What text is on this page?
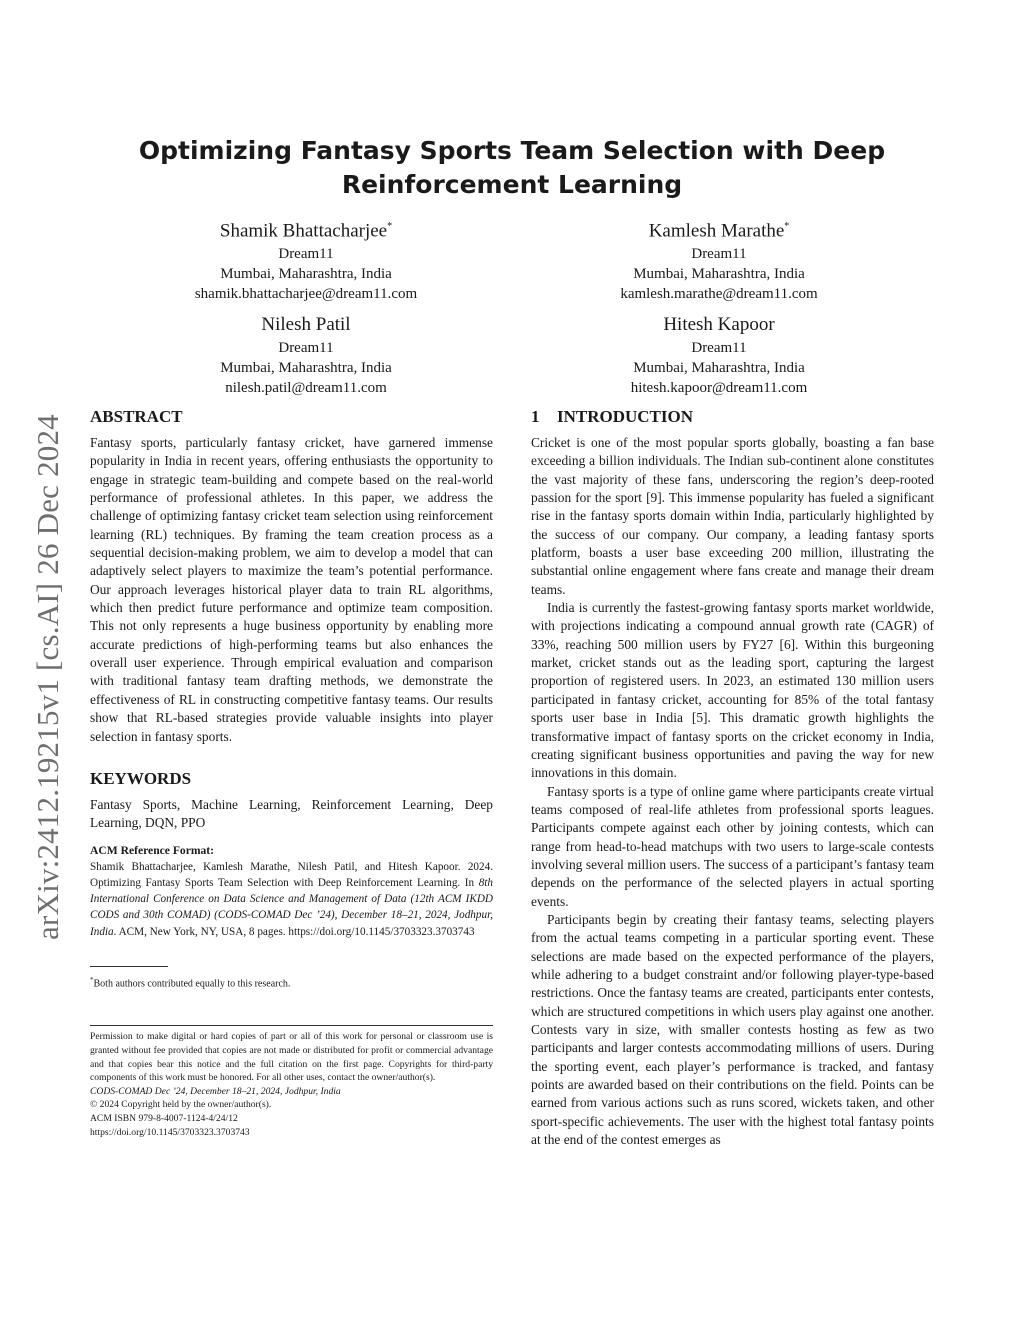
arXiv:2412.19215v1 [cs.AI] 26 Dec 2024
Optimizing Fantasy Sports Team Selection with Deep Reinforcement Learning
Shamik Bhattacharjee*
Dream11
Mumbai, Maharashtra, India
shamik.bhattacharjee@dream11.com
Kamlesh Marathe*
Dream11
Mumbai, Maharashtra, India
kamlesh.marathe@dream11.com
Nilesh Patil
Dream11
Mumbai, Maharashtra, India
nilesh.patil@dream11.com
Hitesh Kapoor
Dream11
Mumbai, Maharashtra, India
hitesh.kapoor@dream11.com
ABSTRACT

Fantasy sports, particularly fantasy cricket, have garnered immense popularity in India in recent years, offering enthusiasts the opportunity to engage in strategic team-building and compete based on the real-world performance of professional athletes. In this paper, we address the challenge of optimizing fantasy cricket team selection using reinforcement learning (RL) techniques. By framing the team creation process as a sequential decision-making problem, we aim to develop a model that can adaptively select players to maximize the team’s potential performance. Our approach leverages historical player data to train RL algorithms, which then predict future performance and optimize team composition. This not only represents a huge business opportunity by enabling more accurate predictions of high-performing teams but also enhances the overall user experience. Through empirical evaluation and comparison with traditional fantasy team drafting methods, we demonstrate the effectiveness of RL in constructing competitive fantasy teams. Our results show that RL-based strategies provide valuable insights into player selection in fantasy sports.

KEYWORDS

Fantasy Sports, Machine Learning, Reinforcement Learning, Deep Learning, DQN, PPO

ACM Reference Format:

Shamik Bhattacharjee, Kamlesh Marathe, Nilesh Patil, and Hitesh Kapoor. 2024. Optimizing Fantasy Sports Team Selection with Deep Reinforcement Learning. In 8th International Conference on Data Science and Management of Data (12th ACM IKDD CODS and 30th COMAD) (CODS-COMAD Dec ’24), December 18–21, 2024, Jodhpur, India. ACM, New York, NY, USA, 8 pages. https://doi.org/10.1145/3703323.3703743

*Both authors contributed equally to this research.
Permission to make digital or hard copies of part or all of this work for personal or classroom use is granted without fee provided that copies are not made or distributed for profit or commercial advantage and that copies bear this notice and the full citation on the first page. Copyrights for third-party components of this work must be honored. For all other uses, contact the owner/author(s).
CODS-COMAD Dec ’24, December 18–21, 2024, Jodhpur, India
© 2024 Copyright held by the owner/author(s).
ACM ISBN 979-8-4007-1124-4/24/12
https://doi.org/10.1145/3703323.3703743
1 INTRODUCTION

Cricket is one of the most popular sports globally, boasting a fan base exceeding a billion individuals. The Indian sub-continent alone constitutes the vast majority of these fans, underscoring the region’s deep-rooted passion for the sport [9]. This immense popularity has fueled a significant rise in the fantasy sports domain within India, particularly highlighted by the success of our company. Our company, a leading fantasy sports platform, boasts a user base exceeding 200 million, illustrating the substantial online engagement where fans create and manage their dream teams.

India is currently the fastest-growing fantasy sports market worldwide, with projections indicating a compound annual growth rate (CAGR) of 33%, reaching 500 million users by FY27 [6]. Within this burgeoning market, cricket stands out as the leading sport, capturing the largest proportion of registered users. In 2023, an estimated 130 million users participated in fantasy cricket, accounting for 85% of the total fantasy sports user base in India [5]. This dramatic growth highlights the transformative impact of fantasy sports on the cricket economy in India, creating significant business opportunities and paving the way for new innovations in this domain.

Fantasy sports is a type of online game where participants create virtual teams composed of real-life athletes from professional sports leagues. Participants compete against each other by joining contests, which can range from head-to-head matchups with two users to large-scale contests involving several million users. The success of a participant’s fantasy team depends on the performance of the selected players in actual sporting events.

Participants begin by creating their fantasy teams, selecting players from the actual teams competing in a particular sporting event. These selections are made based on the expected performance of the players, while adhering to a budget constraint and/or following player-type-based restrictions. Once the fantasy teams are created, participants enter contests, which are structured competitions in which users play against one another. Contests vary in size, with smaller contests hosting as few as two participants and larger contests accommodating millions of users. During the sporting event, each player’s performance is tracked, and fantasy points are awarded based on their contributions on the field. Points can be earned from various actions such as runs scored, wickets taken, and other sport-specific achievements. The user with the highest total fantasy points at the end of the contest emerges as
